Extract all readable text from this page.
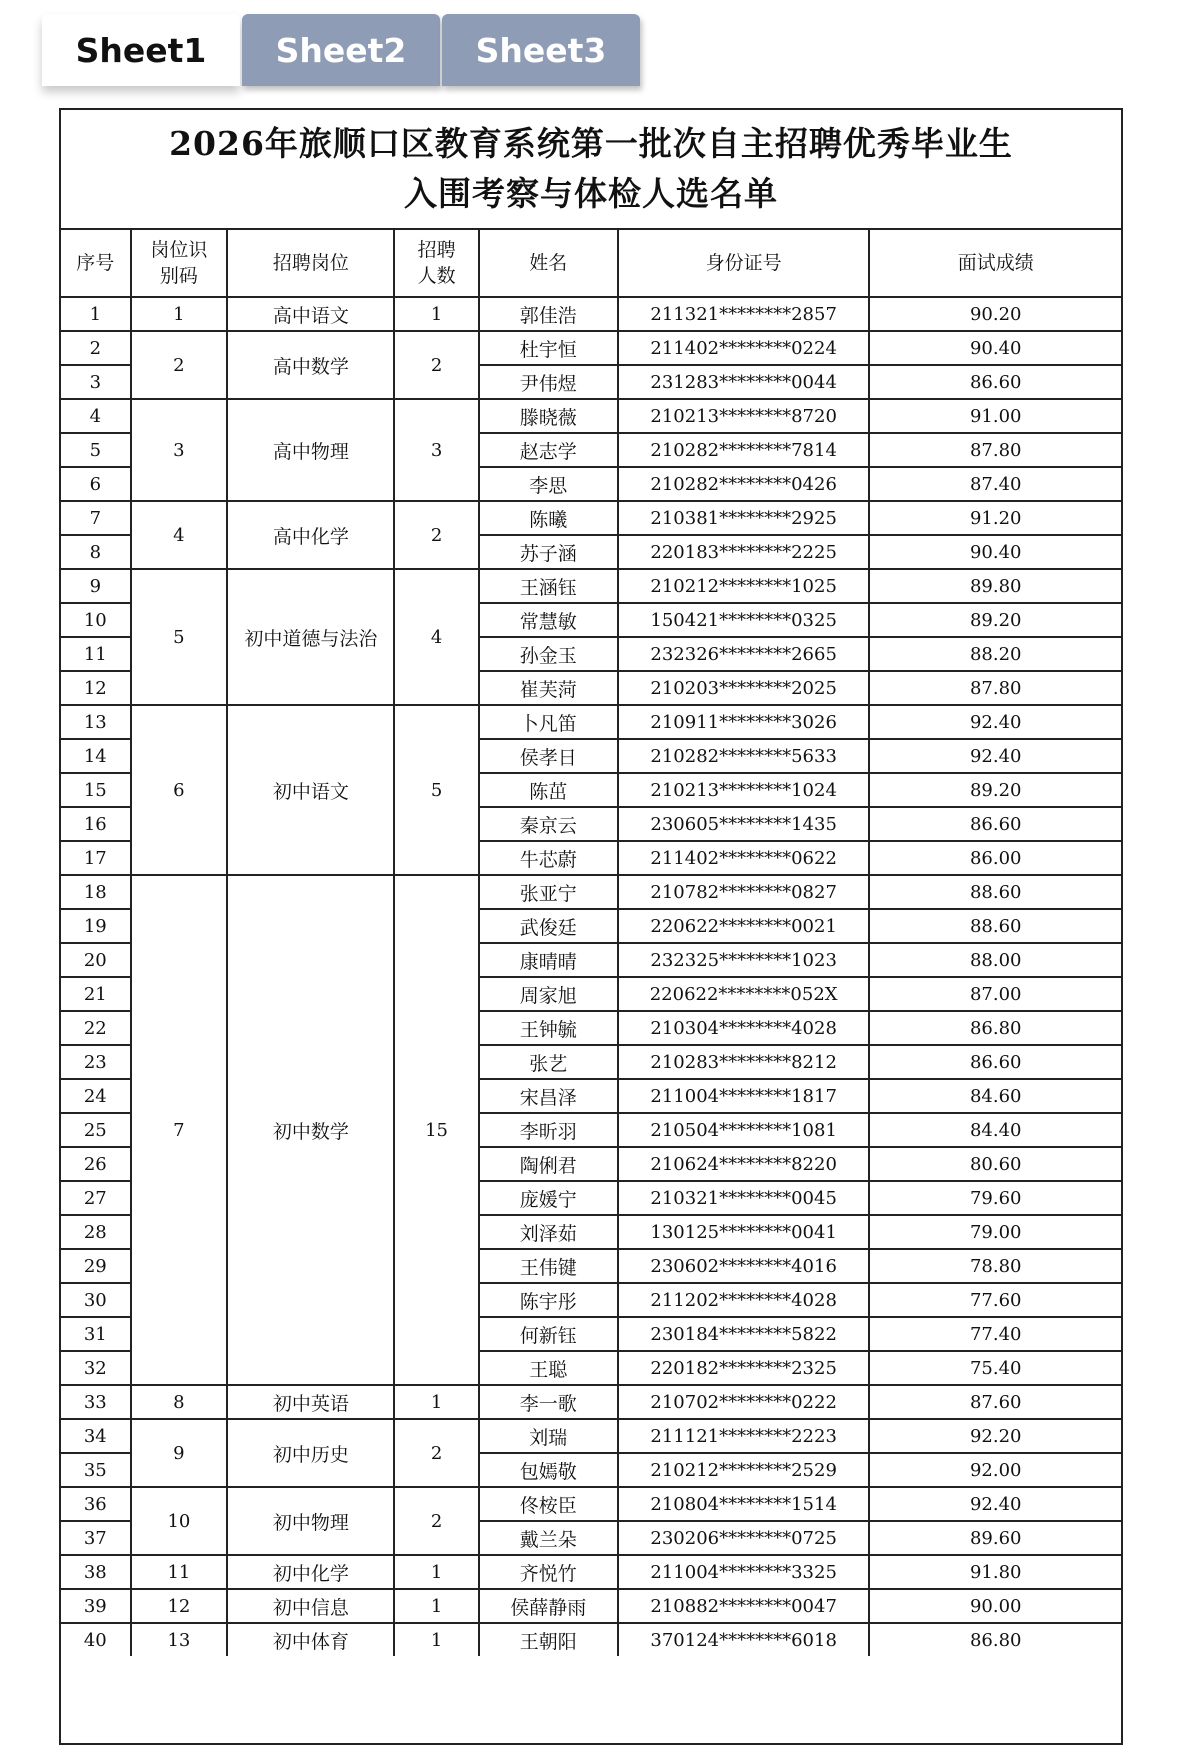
Sheet1	Sheet2	Sheet3
2026年旅顺口区教育系统第一批次自主招聘优秀毕业生
入围考察与体检人选名单
序号	岗位识别码	招聘岗位	招聘人数	姓名	身份证号	面试成绩
1	1	高中语文	1	郭佳浩	211321********2857	90.20
2	2	高中数学	2	杜宇恒	211402********0224	90.40
3				尹伟煜	231283********0044	86.60
4	3	高中物理	3	滕晓薇	210213********8720	91.00
5				赵志学	210282********7814	87.80
6				李思	210282********0426	87.40
7	4	高中化学	2	陈曦	210381********2925	91.20
8				苏子涵	220183********2225	90.40
9	5	初中道德与法治	4	王涵钰	210212********1025	89.80
10				常慧敏	150421********0325	89.20
11				孙金玉	232326********2665	88.20
12				崔芙菏	210203********2025	87.80
13	6	初中语文	5	卜凡笛	210911********3026	92.40
14				侯孝日	210282********5633	92.40
15				陈茁	210213********1024	89.20
16				秦京云	230605********1435	86.60
17				牛芯蔚	211402********0622	86.00
18	7	初中数学	15	张亚宁	210782********0827	88.60
19				武俊廷	220622********0021	88.60
20				康晴晴	232325********1023	88.00
21				周家旭	220622********052X	87.00
22				王钟毓	210304********4028	86.80
23				张艺	210283********8212	86.60
24				宋昌泽	211004********1817	84.60
25				李昕羽	210504********1081	84.40
26				陶俐君	210624********8220	80.60
27				庞媛宁	210321********0045	79.60
28				刘泽茹	130125********0041	79.00
29				王伟键	230602********4016	78.80
30				陈宇彤	211202********4028	77.60
31				何新钰	230184********5822	77.40
32				王聪	220182********2325	75.40
33	8	初中英语	1	李一歌	210702********0222	87.60
34	9	初中历史	2	刘瑞	211121********2223	92.20
35				包嫣敬	210212********2529	92.00
36	10	初中物理	2	佟桉臣	210804********1514	92.40
37				戴兰朵	230206********0725	89.60
38	11	初中化学	1	齐悦竹	211004********3325	91.80
39	12	初中信息	1	侯薛静雨	210882********0047	90.00
40	13	初中体育	1	王朝阳	370124********6018	86.80
